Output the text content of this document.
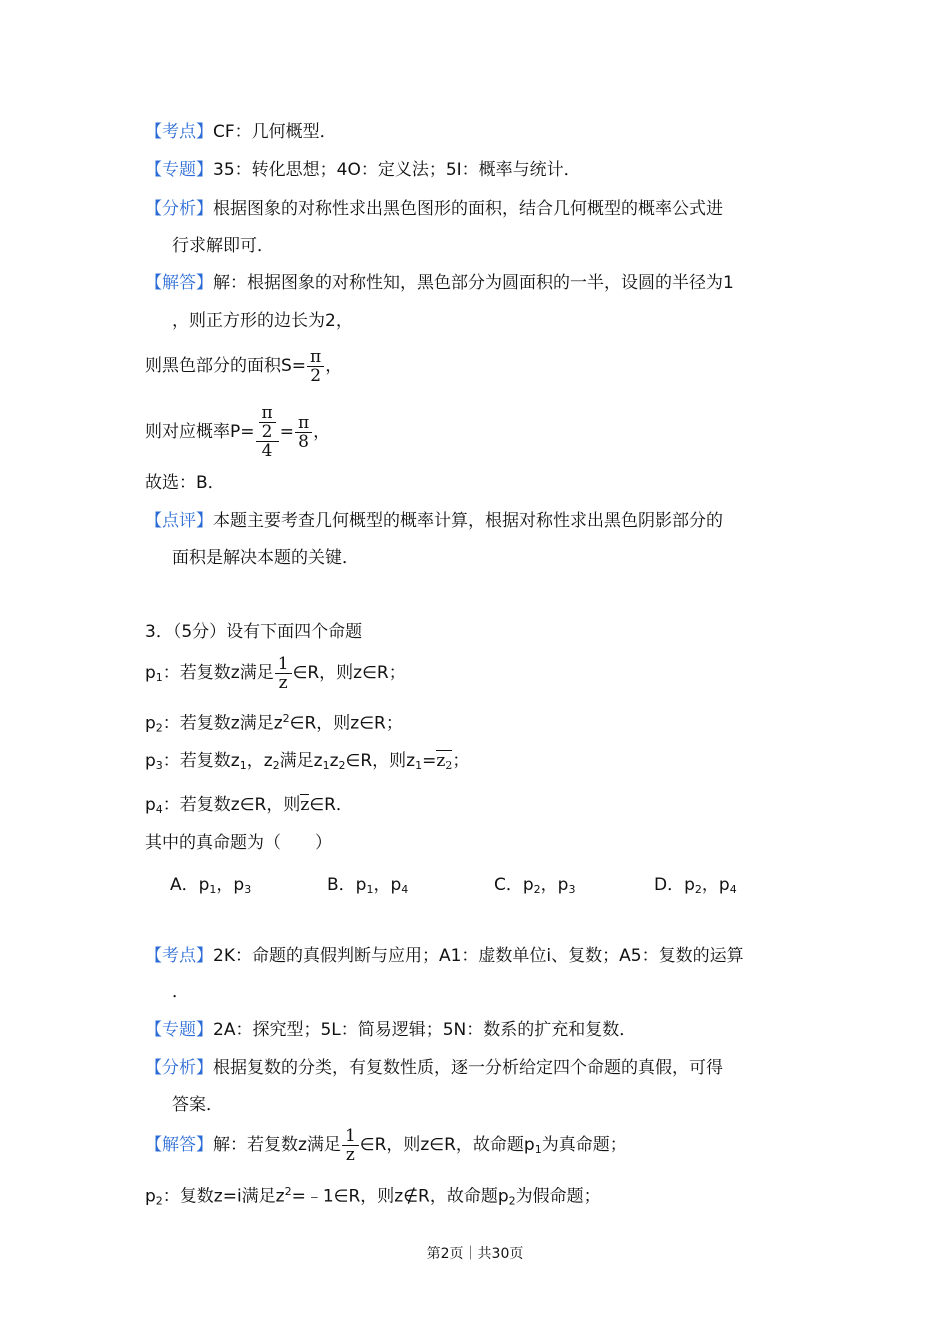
【考点】CF：几何概型．
【专题】35：转化思想；4O：定义法；5I：概率与统计．
【分析】根据图象的对称性求出黑色图形的面积，结合几何概型的概率公式进
行求解即可．
【解答】解：根据图象的对称性知，黑色部分为圆面积的一半，设圆的半径为1
，则正方形的边长为2，
则黑色部分的面积$S= \frac{\pi}{2}$ ，
则对应概率$P= \frac{\frac{\pi}{2}}{4} = \frac{\pi}{8}$ ，
故选：B．
【点评】本题主要考查几何概型的概率计算，根据对称性求出黑色阴影部分的
面积是解决本题的关键．
3．（5分）设有下面四个命题
$p_1$：若复数z满足 $\frac{1}{z}$ ∈R，则z∈R；
$p_2$：若复数z满足$z^2\in R$，则z∈R；
$p_3$：若复数$z_1$，$z_2$满足$z_1z_2\in R$，则$z_1=z_2$；
$p_4$：若复数z∈R，则z∈R．
其中的真命题为（　　）
A．$p_1$，$p_3$	B．$p_1$，$p_4$	C．$p_2$，$p_3$	D．$p_2$，$p_4$
【考点】2K：命题的真假判断与应用；A1：虚数单位i、复数；A5：复数的运算
．
【专题】2A：探究型；5L：简易逻辑；5N：数系的扩充和复数．
【分析】根据复数的分类，有复数性质，逐一分析给定四个命题的真假，可得
答案．
【解答】解：若复数z满足 $\frac{1}{z}$ ∈R，则z∈R，故命题$p_1$为真命题；
$p_2$：复数z=i满足$z^2=﹣1\in R$，则z∉R，故命题$p_2$为假命题；
第2页｜共30页
